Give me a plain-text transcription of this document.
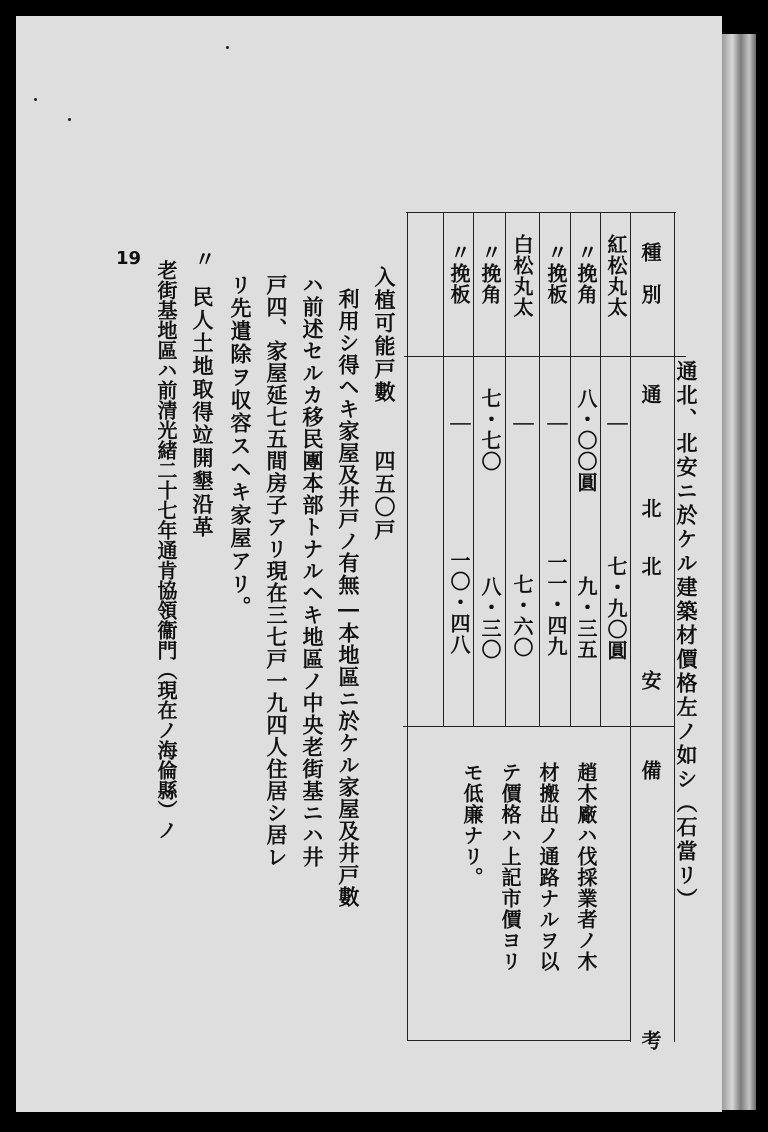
19
通北、北安ニ於ケル建築材價格左ノ如シ（石當リ）
種　別
通　　北
北　　安
備　　　　考
紅松丸太
｜
七・九〇圓
〃挽角
八・〇〇圓
九・三五
〃挽板
｜
一一・四九
白松丸太
｜
七・六〇
〃挽角
七・七〇
八・三〇
〃挽板
｜
一〇・四八
趙木廠ハ伐採業者ノ木
材搬出ノ通路ナルヲ以
テ價格ハ上記市價ヨリ
モ低廉ナリ。
入植可能戸數　　四五〇戸
利用シ得ヘキ家屋及井戸ノ有無―本地區ニ於ケル家屋及井戸數
ハ前述セルカ移民團本部トナルヘキ地區ノ中央老街基ニハ井
戸四、家屋延七五間房子アリ現在三七戸一九四人住居シ居レ
リ先遣除ヲ収容スヘキ家屋アリ。
民人土地取得竝開墾沿革
〃
老街基地區ハ前清光緒二十七年通肯協領衞門（現在ノ海倫縣）ノ
